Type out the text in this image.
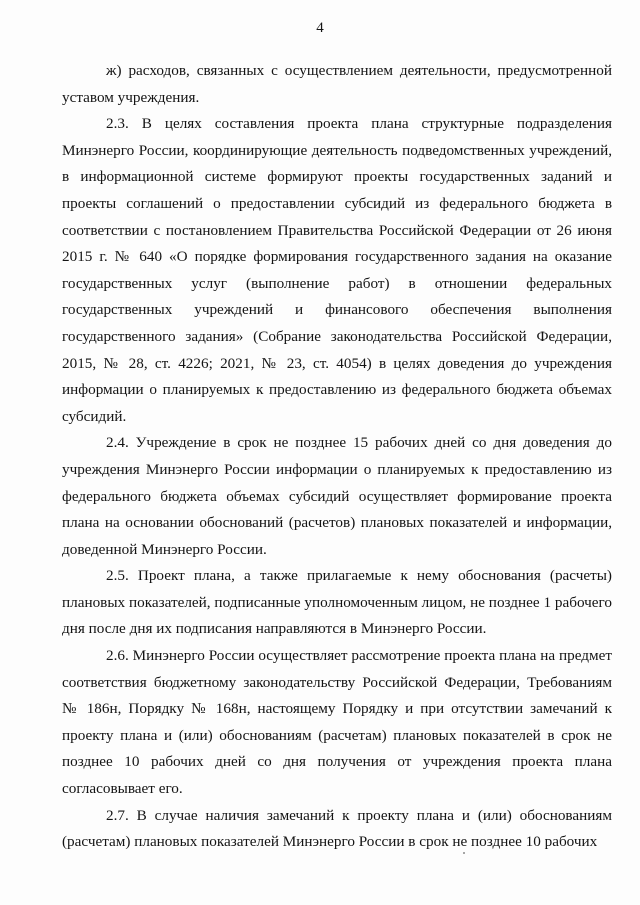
4

ж) расходов, связанных с осуществлением деятельности, предусмотренной уставом учреждения.

2.3. В целях составления проекта плана структурные подразделения Минэнерго России, координирующие деятельность подведомственных учреждений, в информационной системе формируют проекты государственных заданий и проекты соглашений о предоставлении субсидий из федерального бюджета в соответствии с постановлением Правительства Российской Федерации от 26 июня 2015 г. № 640 «О порядке формирования государственного задания на оказание государственных услуг (выполнение работ) в отношении федеральных государственных учреждений и финансового обеспечения выполнения государственного задания» (Собрание законодательства Российской Федерации, 2015, № 28, ст. 4226; 2021, № 23, ст. 4054) в целях доведения до учреждения информации о планируемых к предоставлению из федерального бюджета объемах субсидий.

2.4. Учреждение в срок не позднее 15 рабочих дней со дня доведения до учреждения Минэнерго России информации о планируемых к предоставлению из федерального бюджета объемах субсидий осуществляет формирование проекта плана на основании обоснований (расчетов) плановых показателей и информации, доведенной Минэнерго России.

2.5. Проект плана, а также прилагаемые к нему обоснования (расчеты) плановых показателей, подписанные уполномоченным лицом, не позднее 1 рабочего дня после дня их подписания направляются в Минэнерго России.

2.6. Минэнерго России осуществляет рассмотрение проекта плана на предмет соответствия бюджетному законодательству Российской Федерации, Требованиям № 186н, Порядку № 168н, настоящему Порядку и при отсутствии замечаний к проекту плана и (или) обоснованиям (расчетам) плановых показателей в срок не позднее 10 рабочих дней со дня получения от учреждения проекта плана согласовывает его.

2.7. В случае наличия замечаний к проекту плана и (или) обоснованиям (расчетам) плановых показателей Минэнерго России в срок не позднее 10 рабочих
